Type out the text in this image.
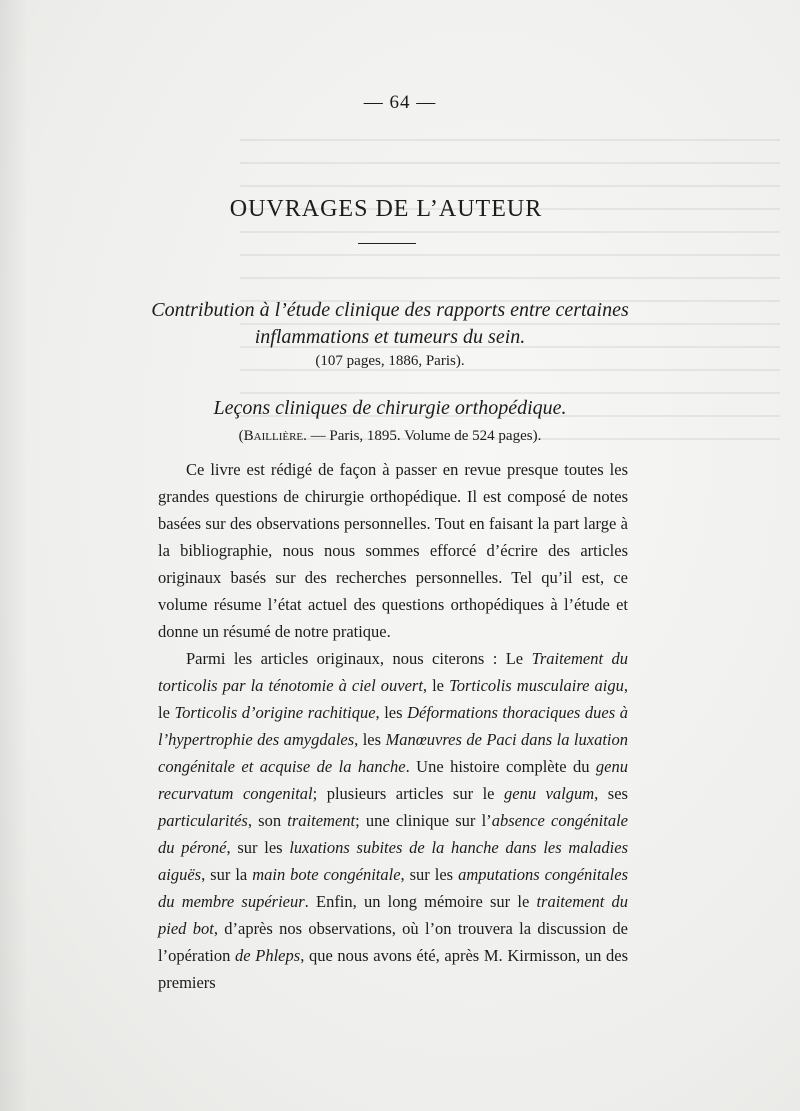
— 64 —
OUVRAGES DE L’AUTEUR
Contribution à l’étude clinique des rapports entre certaines
inflammations et tumeurs du sein.
(107 pages, 1886, Paris).
Leçons cliniques de chirurgie orthopédique.
(Baillière. — Paris, 1895. Volume de 524 pages).

Ce livre est rédigé de façon à passer en revue presque toutes les grandes questions de chirurgie orthopédique. Il est composé de notes basées sur des observations personnelles. Tout en faisant la part large à la bibliographie, nous nous sommes efforcé d’écrire des articles originaux basés sur des recherches personnelles. Tel qu’il est, ce volume résume l’état actuel des questions orthopédiques à l’étude et donne un résumé de notre pratique.

Parmi les articles originaux, nous citerons : Le Traitement du torticolis par la ténotomie à ciel ouvert, le Torticolis musculaire aigu, le Torticolis d’origine rachitique, les Déformations thoraciques dues à l’hypertrophie des amygdales, les Manœuvres de Paci dans la luxation congénitale et acquise de la hanche. Une histoire complète du genu recurvatum congenital; plusieurs articles sur le genu valgum, ses particularités, son traitement; une clinique sur l’absence congénitale du péroné, sur les luxations subites de la hanche dans les maladies aiguës, sur la main bote congénitale, sur les amputations congénitales du membre supérieur. Enfin, un long mémoire sur le traitement du pied bot, d’après nos observations, où l’on trouvera la discussion de l’opération de Phleps, que nous avons été, après M. Kirmisson, un des premiers
